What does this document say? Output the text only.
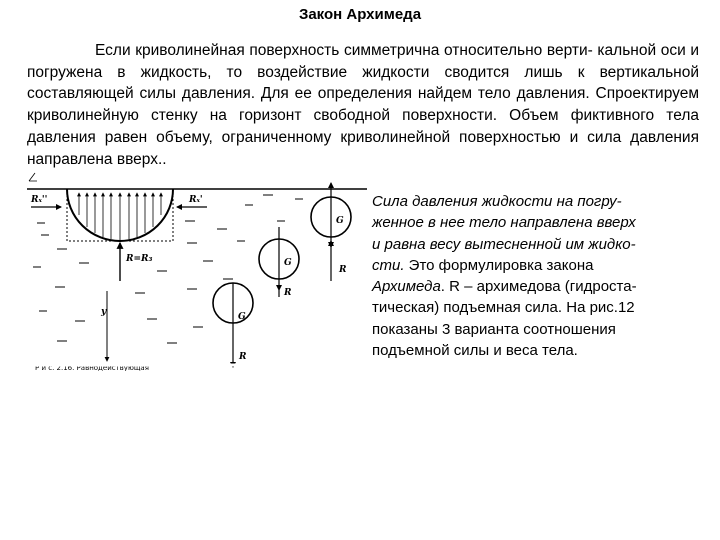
Закон Архимеда

Если криволинейная поверхность симметрична относительно верти- кальной оси и погружена в жидкость, то воздействие жидкости сводится лишь к вертикальной составляющей силы давления. Для ее определения найдем тело давления. Спроектируем криволинейную стенку на горизонт свободной поверхности. Объем фиктивного тела давления равен объему, ограниченному криволинейной поверхностью и сила давления направлена вверх..

Rₓ''	Rₓ'
R=R₃
y
G
R
G
R
G
R
Р и с. 2.16. Равнодействующая

Сила давления жидкости на погру-
женное в нее тело направлена вверх
и равна весу вытесненной им жидко-
сти. Это формулировка закона
Архимеда. R – архимедова (гидроста-
тическая) подъемная сила. На рис.12
показаны 3 варианта соотношения
подъемной силы и веса тела.
